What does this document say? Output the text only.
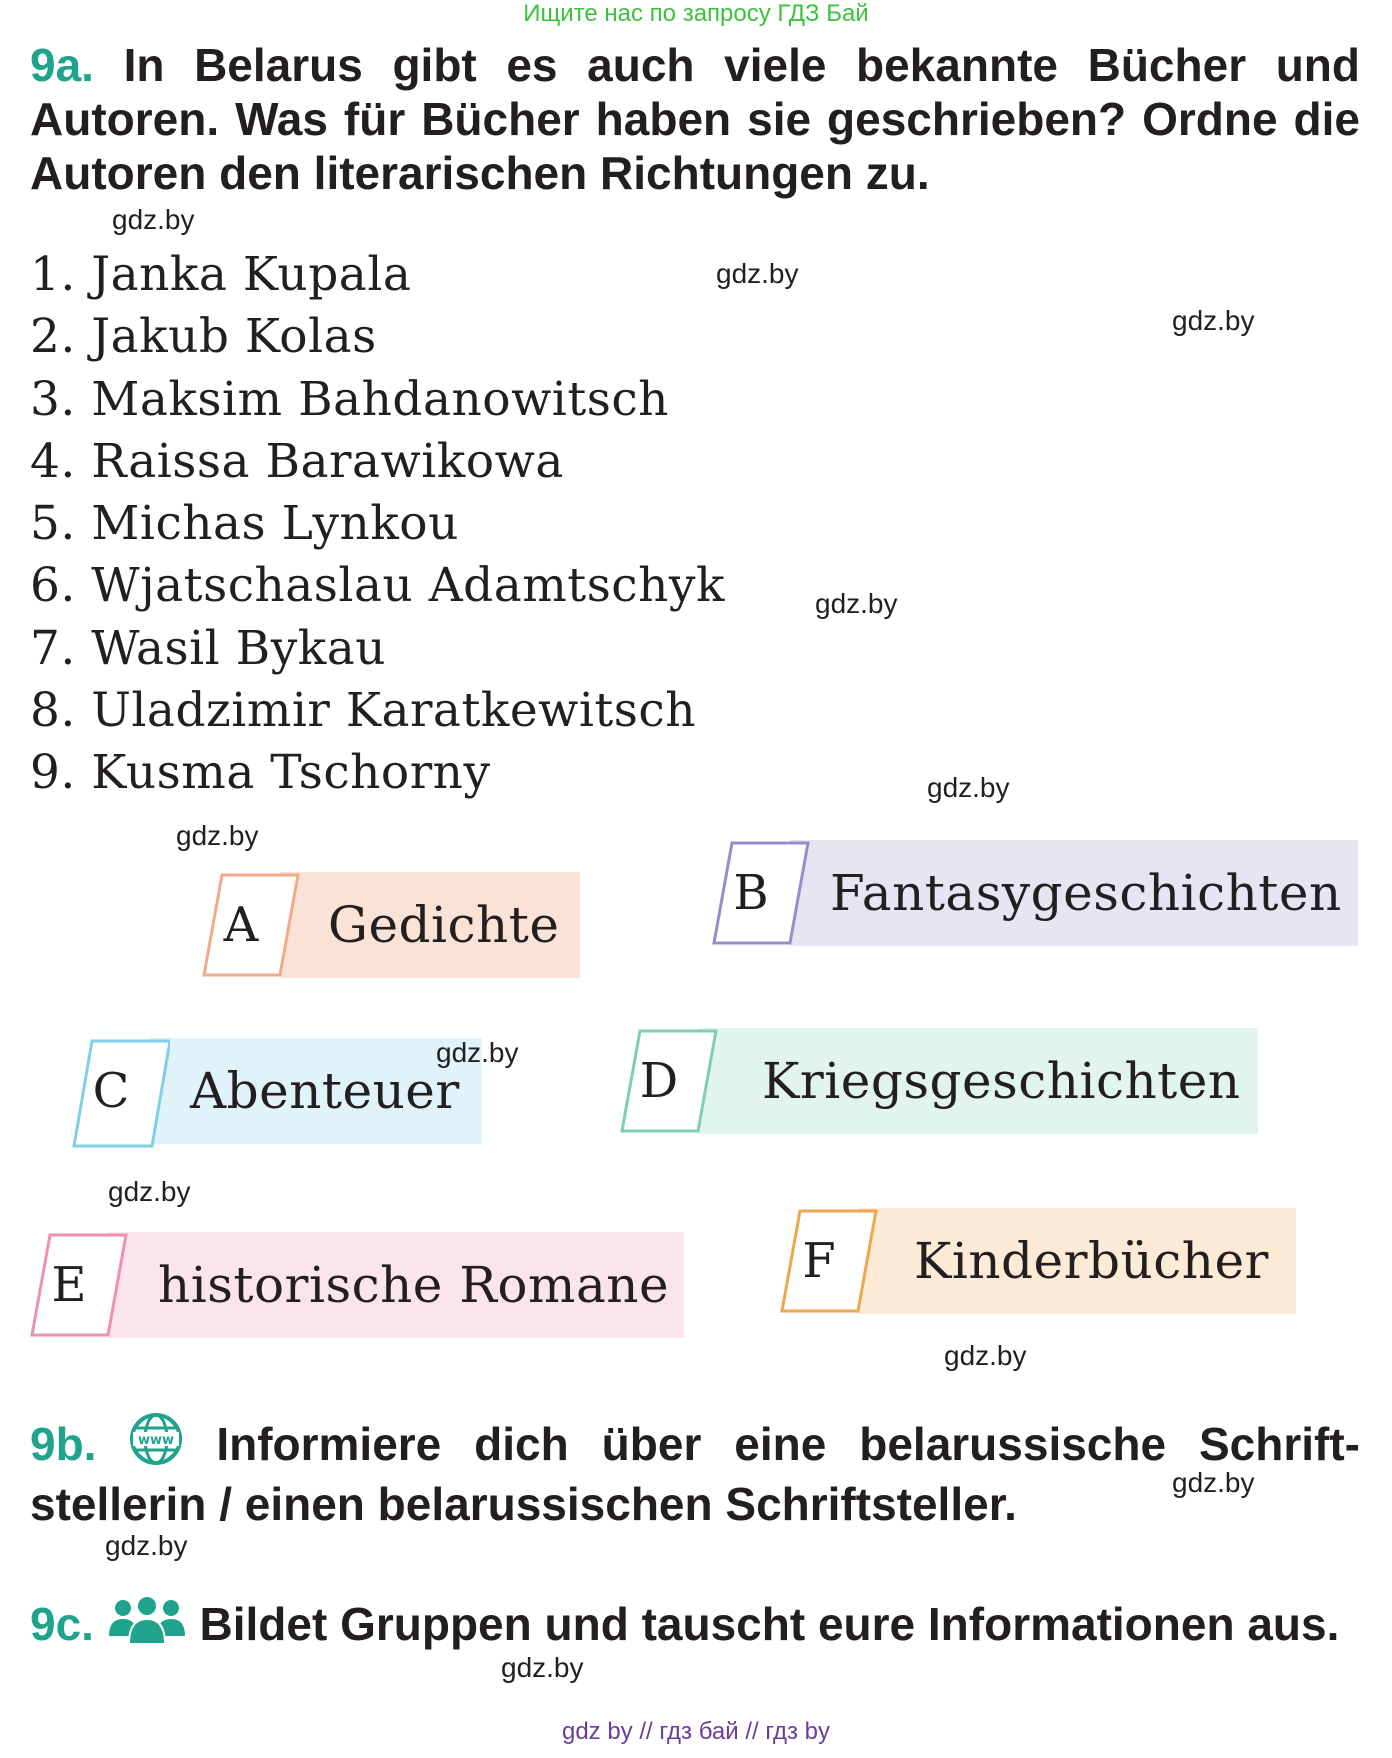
Ищите нас по запросу ГДЗ Бай
9a. In Belarus gibt es auch viele bekannte Bücher und Autoren. Was für Bücher haben sie geschrieben? Ordne die Autoren den literarischen Richtungen zu.
1. Janka Kupala
2. Jakub Kolas
3. Maksim Bahdanowitsch
4. Raissa Barawikowa
5. Michas Lynkou
6. Wjatschaslau Adamtschyk
7. Wasil Bykau
8. Uladzimir Karatkewitsch
9. Kusma Tschorny
A Gedichte
B Fantasygeschichten
C Abenteuer	D Kriegsgeschichten
E historische Romane	F Kinderbücher
9b.	www Informiere dich über eine belarussische Schrift-stellerin / einen belarussischen Schriftsteller.
9c. Bildet Gruppen und tauscht eure Informationen aus.
gdz.by
gdz.by
gdz.by
gdz.by
gdz.by
gdz.by
gdz.by
gdz.by
gdz.by
gdz.by
gdz.by
gdz.by
gdz by // гдз бай // гдз by
